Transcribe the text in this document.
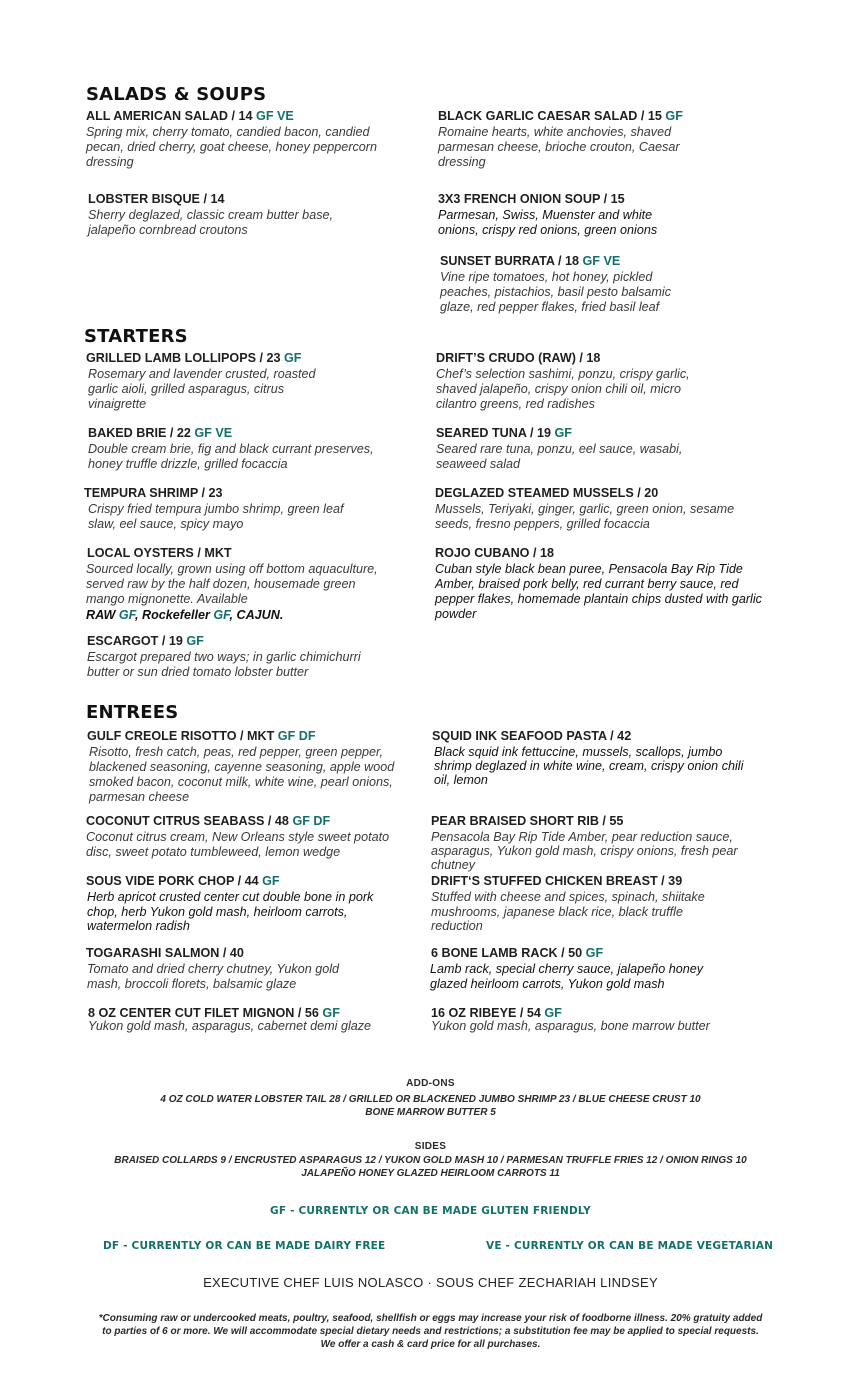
SALADS & SOUPS
ALL AMERICAN SALAD / 14 GF VE
Spring mix, cherry tomato, candied bacon, candied pecan, dried cherry, goat cheese, honey peppercorn dressing
BLACK GARLIC CAESAR SALAD / 15 GF
Romaine hearts, white anchovies, shaved parmesan cheese, brioche crouton, Caesar dressing
LOBSTER BISQUE / 14
Sherry deglazed, classic cream butter base, jalapeño cornbread croutons
3X3 FRENCH ONION SOUP / 15
Parmesan, Swiss, Muenster and white onions, crispy red onions, green onions
SUNSET BURRATA / 18 GF VE
Vine ripe tomatoes, hot honey, pickled peaches, pistachios, basil pesto balsamic glaze, red pepper flakes, fried basil leaf
STARTERS
GRILLED LAMB LOLLIPOPS / 23 GF
Rosemary and lavender crusted, roasted garlic aioli, grilled asparagus, citrus vinaigrette
DRIFT’S CRUDO (RAW) / 18
Chef’s selection sashimi, ponzu, crispy garlic, shaved jalapeño, crispy onion chili oil, micro cilantro greens, red radishes
BAKED BRIE / 22 GF VE
Double cream brie, fig and black currant preserves, honey truffle drizzle, grilled focaccia
SEARED TUNA / 19 GF
Seared rare tuna, ponzu, eel sauce, wasabi, seaweed salad
TEMPURA SHRIMP / 23
Crispy fried tempura jumbo shrimp, green leaf slaw, eel sauce, spicy mayo
DEGLAZED STEAMED MUSSELS / 20
Mussels, Teriyaki, ginger, garlic, green onion, sesame seeds, fresno peppers, grilled focaccia
LOCAL OYSTERS / MKT
Sourced locally, grown using off bottom aquaculture, served raw by the half dozen, housemade green mango mignonette. Available
RAW GF, Rockefeller GF, CAJUN.
ROJO CUBANO / 18
Cuban style black bean puree, Pensacola Bay Rip Tide Amber, braised pork belly, red currant berry sauce, red pepper flakes, homemade plantain chips dusted with garlic powder
ESCARGOT / 19 GF
Escargot prepared two ways; in garlic chimichurri butter or sun dried tomato lobster butter
ENTREES
GULF CREOLE RISOTTO / MKT GF DF
Risotto, fresh catch, peas, red pepper, green pepper, blackened seasoning, cayenne seasoning, apple wood smoked bacon, coconut milk, white wine, pearl onions, parmesan cheese
SQUID INK SEAFOOD PASTA / 42
Black squid ink fettuccine, mussels, scallops, jumbo shrimp deglazed in white wine, cream, crispy onion chili oil, lemon
COCONUT CITRUS SEABASS / 48 GF DF
Coconut citrus cream, New Orleans style sweet potato disc, sweet potato tumbleweed, lemon wedge
PEAR BRAISED SHORT RIB / 55
Pensacola Bay Rip Tide Amber, pear reduction sauce, asparagus, Yukon gold mash, crispy onions, fresh pear chutney
SOUS VIDE PORK CHOP / 44 GF
Herb apricot crusted center cut double bone in pork chop, herb Yukon gold mash, heirloom carrots, watermelon radish
DRIFT‘S STUFFED CHICKEN BREAST / 39
Stuffed with cheese and spices, spinach, shiitake mushrooms, japanese black rice, black truffle reduction
TOGARASHI SALMON / 40
Tomato and dried cherry chutney, Yukon gold mash, broccoli florets, balsamic glaze
6 BONE LAMB RACK / 50 GF
Lamb rack, special cherry sauce, jalapeño honey glazed heirloom carrots, Yukon gold mash
8 OZ CENTER CUT FILET MIGNON / 56 GF
Yukon gold mash, asparagus, cabernet demi glaze
16 OZ RIBEYE / 54 GF
Yukon gold mash, asparagus, bone marrow butter
ADD-ONS
4 OZ COLD WATER LOBSTER TAIL 28 / GRILLED OR BLACKENED JUMBO SHRIMP 23 / BLUE CHEESE CRUST 10
BONE MARROW BUTTER 5
SIDES
BRAISED COLLARDS 9 / ENCRUSTED ASPARAGUS 12 / YUKON GOLD MASH 10 / PARMESAN TRUFFLE FRIES 12 / ONION RINGS 10
JALAPEÑO HONEY GLAZED HEIRLOOM CARROTS 11
GF - CURRENTLY OR CAN BE MADE GLUTEN FRIENDLY
DF - CURRENTLY OR CAN BE MADE DAIRY FREE	VE - CURRENTLY OR CAN BE MADE VEGETARIAN
EXECUTIVE CHEF LUIS NOLASCO · SOUS CHEF ZECHARIAH LINDSEY
*Consuming raw or undercooked meats, poultry, seafood, shellfish or eggs may increase your risk of foodborne illness. 20% gratuity added
to parties of 6 or more. We will accommodate special dietary needs and restrictions; a substitution fee may be applied to special requests.
We offer a cash & card price for all purchases.
